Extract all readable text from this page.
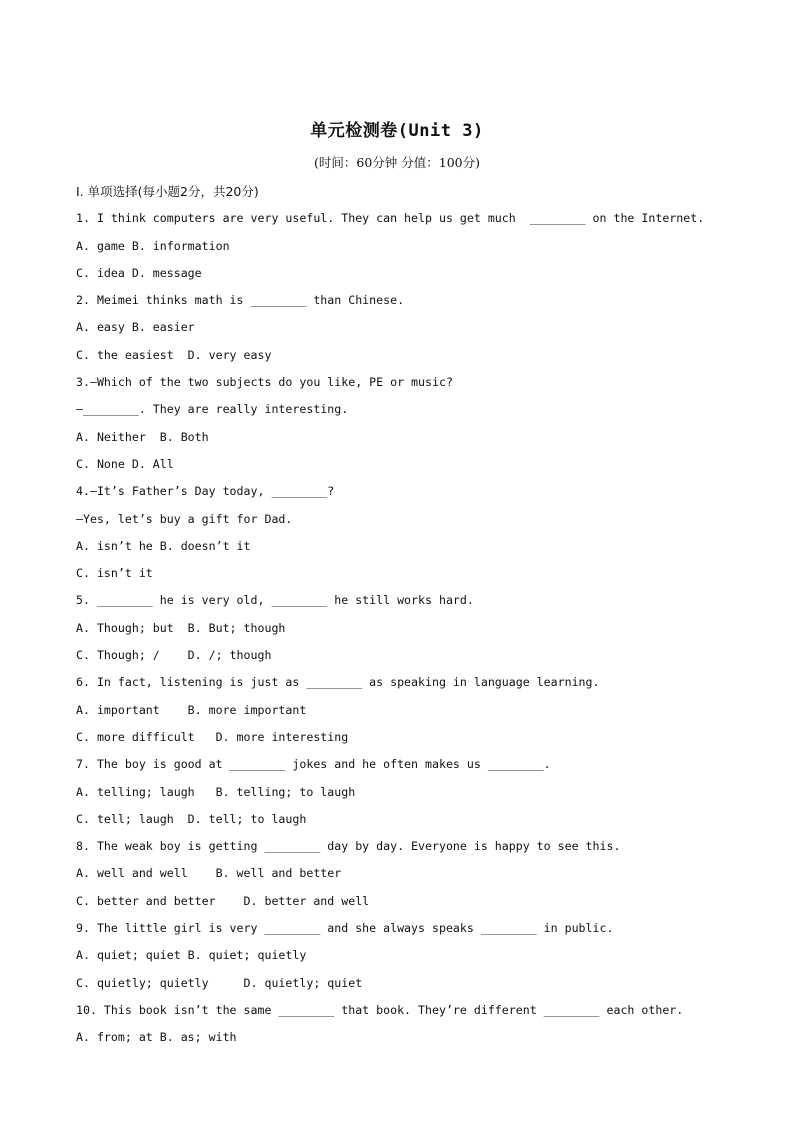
单元检测卷(Unit 3)
(时间：60分钟 分值：100分)
Ⅰ. 单项选择(每小题2分，共20分)
1. I think computers are very useful. They can help us get much  ________ on the Internet.
A. game B. information
C. idea D. message
2. Meimei thinks math is ________ than Chinese.
A. easy B. easier
C. the easiest  D. very easy
3.—Which of the two subjects do you like, PE or music?
—________. They are really interesting.
A. Neither  B. Both
C. None D. All
4.—It’s Father’s Day today, ________?
—Yes, let’s buy a gift for Dad.
A. isn’t he B. doesn’t it
C. isn’t it
5. ________ he is very old, ________ he still works hard.
A. Though; but  B. But; though
C. Though; /    D. /; though
6. In fact, listening is just as ________ as speaking in language learning.
A. important    B. more important
C. more difficult   D. more interesting
7. The boy is good at ________ jokes and he often makes us ________.
A. telling; laugh   B. telling; to laugh
C. tell; laugh  D. tell; to laugh
8. The weak boy is getting ________ day by day. Everyone is happy to see this.
A. well and well    B. well and better
C. better and better    D. better and well
9. The little girl is very ________ and she always speaks ________ in public.
A. quiet; quiet B. quiet; quietly
C. quietly; quietly     D. quietly; quiet
10. This book isn’t the same ________ that book. They’re different ________ each other.
A. from; at B. as; with
